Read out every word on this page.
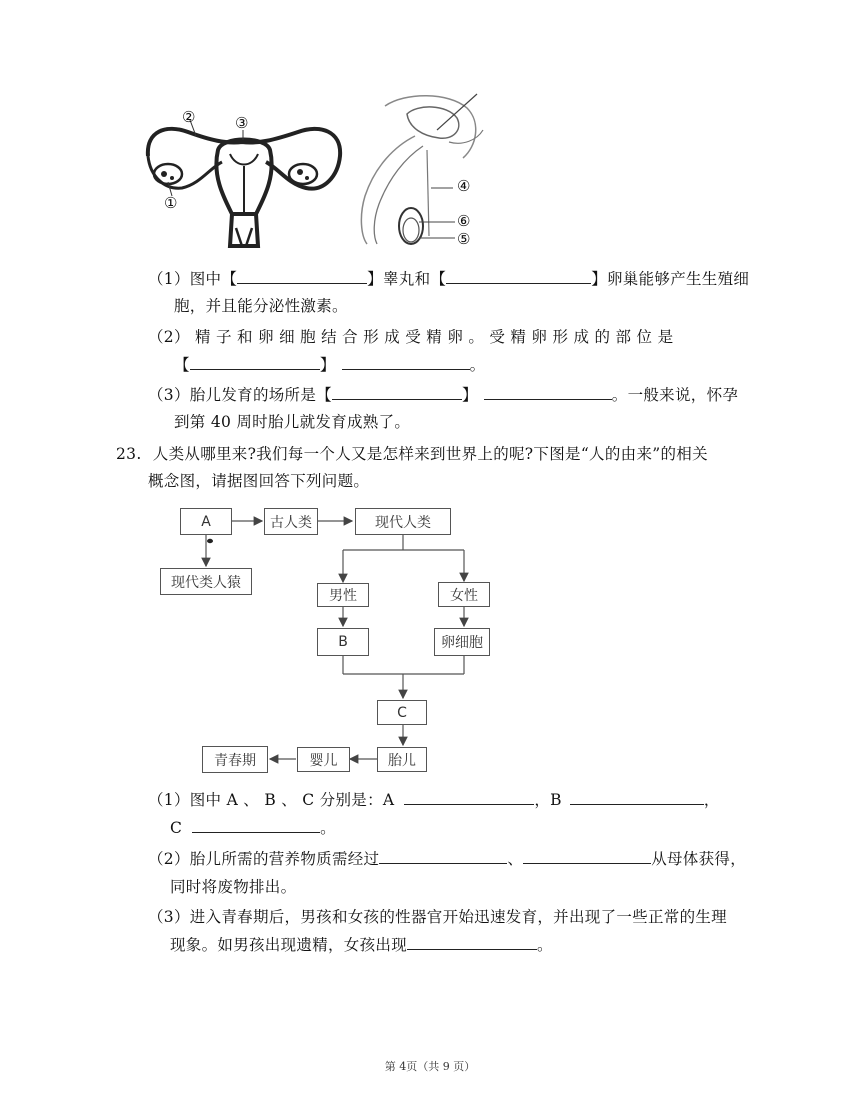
②	③
①
④
⑥
⑤
（1）图中【	】睾丸和【	】卵巢能够产生生殖细
胞，并且能分泌性激素。
（2） 精 子 和 卵 细 胞 结 合 形 成 受 精 卵 。 受 精 卵 形 成 的 部 位 是
【	】	。
（3）胎儿发育的场所是【	】	。一般来说，怀孕
到第 40 周时胎儿就发育成熟了。
23. 人类从哪里来?我们每一个人又是怎样来到世界上的呢?下图是“人的由来”的相关
概念图，请据图回答下列问题。
A	古人类	现代人类
现代类人猿
男性	女性
B	卵细胞
C
胎儿
婴儿
青春期
（1）图中 A 、 B 、 C 分别是：A	，B	，
C	。
（2）胎儿所需的营养物质需经过	、	从母体获得，
同时将废物排出。
（3）进入青春期后，男孩和女孩的性器官开始迅速发育，并出现了一些正常的生理
现象。如男孩出现遗精，女孩出现	。
第 4页（共 9 页）
